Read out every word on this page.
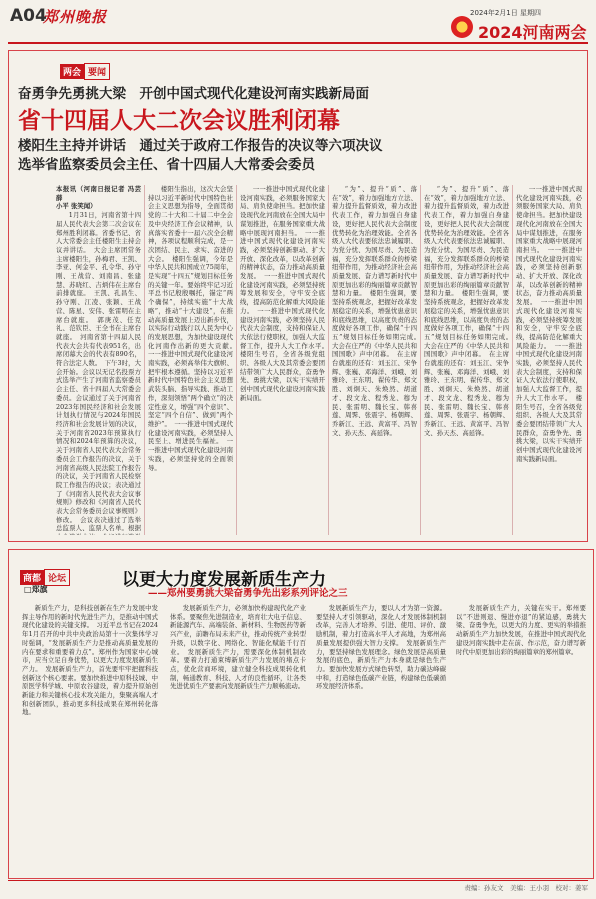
A04
郑州晚报	2024年2月1日 星期四
2024河南两会
两会 要闻
奋勇争先勇挑大梁　开创中国式现代化建设河南实践新局面
省十四届人大二次会议胜利闭幕
楼阳生主持并讲话　通过关于政府工作报告的决议等六项决议
选举省监察委员会主任、省十四届人大常委会委员
本报讯（河南日报记者 冯芸 薛
小平 张笑闻）

1月31日，河南省第十四届人民代表大会第二次会议在郑州胜利闭幕。省委书记、省人大常委会主任楼阳生主持会议并讲话。　大会主席团常务主席楼阳生，孙梅君、王凯、李亚、何金平、孔令华、孙守刚、王战营、刘南昌、张建慧、苏晓红、吉炳伟在主席台前排就座。　王凯、孔昌生、孙守刚、江凌、张颖、王战营、陈星、安伟、张雷明在主席台就座。　郭庚茂、任克礼、范钦臣、王全书在主席台就座。　河南省第十四届人民代表大会共有代表951名，出席闭幕大会的代表有890名，符合法定人数。　下午3时，大会开始。会议以无记名投票方式选举产生了河南省监察委员会主任、省十四届人大常委会委员。会议通过了关于河南省2023年国民经济和社会发展计划执行情况与2024年国民经济和社会发展计划的决议，关于河南省2023年预算执行情况和2024年预算的决议，关于河南省人民代表大会常务委员会工作报告的决议，关于河南省高级人民法院工作报告的决议，关于河南省人民检察院工作报告的决议；表决通过了《河南省人民代表大会议事规则》修改和《河南省人民代表大会常务委员会议事规则》修改。　会议表决通过了选举总监票人、监票人名单。根据

楼阳生指出，这次大会坚持以习近平新时代中国特色社会主义思想为指导，全面贯彻党的二十大和二十届二中全会及中央经济工作会议精神，认真落实省委十一届六次全会精神，各项议程顺利完成，是一次团结、民主、求实、奋进的大会。　楼阳生强调，今年是中华人民共和国成立75周年，是实现“十四五”规划目标任务的关键一年。要始终牢记习近平总书记殷殷嘱托，锚定“两个确保”，持续实施“十大战略”，推动“十大建设”，在推动高质量发展上迈出新步伐，以实际行动践行以人民为中心的发展思想，为加快建设现代化河南作出新的更大贡献。　一一推进中国式现代化建设河南实践，必须高举伟大旗帜、把牢根本遵循。坚持以习近平新时代中国特色社会主义思想武装头脑、指导实践、推动工作，深刻领悟“两个确立”的决定性意义，增强“四个意识”、坚定“四个自信”、做到“两个维护”。　一一推进中国式现代化建设河南实践，必须坚持人民至上、增进民生福祉。　一一推进中国式现代化建设河南实践，必须坚持党的全面领导。

一一推进中国式现代化建设河南实践，必须服务国家大局、肩负使命担当。把加快建设现代化河南放在全国大局中谋划推进，在服务国家重大战略中展现河南担当。　一一推进中国式现代化建设河南实践，必须坚持创新驱动、扩大开放、深化改革，以改革创新的精神状态，奋力推动高质量发展。　一一推进中国式现代化建设河南实践，必须坚持统筹发展和安全，守牢安全底线，提高防范化解重大风险能力。　一一推进中国式现代化建设河南实践，必须坚持人民代表大会制度，支持和保证人大依法行使职权，加强人大监督工作，提升人大工作水平。　楼阳生号召，全省各级党组织、各级人大及其常委会要团结带领广大人民群众，奋勇争先、勇挑大梁，以实干实绩开创中国式现代化建设河南实践新局面。

“为”、提升“质”、落在“效”，着力加强地方立法、着力提升监督质效，着力改进代表工作，着力加强自身建设，更好把人民代表大会制度优势转化为治理效能。全省各级人大代表要依法忠诚履职、为党分忧、为国尽责、为民造福，充分发挥联系群众的桥梁纽带作用，为推动经济社会高质量发展、奋力谱写新时代中原更加出彩的绚丽篇章贡献智慧和力量。　楼阳生强调，要坚持系统观念，把握好改革发展稳定的关系，增强忧患意识和底线思维，以高度负责的态度做好各项工作，确保“十四五”规划目标任务如期完成。　大会在庄严的《中华人民共和国国歌》声中闭幕。　在主席台就座的还有：刘玉江、宋争辉、张巍、邓海洋、刘峨、刘雅玲、王东明、翟传华、郑文胜、刘炯天、朱焕然、胡道才、段文龙、程秀龙、穆为民、张雷明、魏长宝、韩喜莲、周霁、张震宇、杨朝辉、乔新江、王远、黄富平、冯智文、孙天杰、高延锋。

“为”、提升“质”、落在“效”，着力加强地方立法、着力提升监督质效，着力改进代表工作，着力加强自身建设，更好把人民代表大会制度优势转化为治理效能。全省各级人大代表要依法忠诚履职、为党分忧、为国尽责、为民造福，充分发挥联系群众的桥梁纽带作用，为推动经济社会高质量发展、奋力谱写新时代中原更加出彩的绚丽篇章贡献智慧和力量。　楼阳生强调，要坚持系统观念，把握好改革发展稳定的关系，增强忧患意识和底线思维，以高度负责的态度做好各项工作，确保“十四五”规划目标任务如期完成。　大会在庄严的《中华人民共和国国歌》声中闭幕。　在主席台就座的还有：刘玉江、宋争辉、张巍、邓海洋、刘峨、刘雅玲、王东明、翟传华、郑文胜、刘炯天、朱焕然、胡道才、段文龙、程秀龙、穆为民、张雷明、魏长宝、韩喜莲、周霁、张震宇、杨朝辉、乔新江、王远、黄富平、冯智文、孙天杰、高延锋。

一一推进中国式现代化建设河南实践，必须服务国家大局、肩负使命担当。把加快建设现代化河南放在全国大局中谋划推进，在服务国家重大战略中展现河南担当。　一一推进中国式现代化建设河南实践，必须坚持创新驱动、扩大开放、深化改革，以改革创新的精神状态，奋力推动高质量发展。　一一推进中国式现代化建设河南实践，必须坚持统筹发展和安全，守牢安全底线，提高防范化解重大风险能力。　一一推进中国式现代化建设河南实践，必须坚持人民代表大会制度，支持和保证人大依法行使职权，加强人大监督工作，提升人大工作水平。　楼阳生号召，全省各级党组织、各级人大及其常委会要团结带领广大人民群众，奋勇争先、勇挑大梁，以实干实绩开创中国式现代化建设河南实践新局面。

商都 论坛
□郑旗	以更大力度发展新质生产力
——郑州要勇挑大梁奋勇争先出彩系列评论之三

新质生产力，是科技创新在生产力发展中发挥主导作用的新时代先进生产力，是推动中国式现代化建设的关键支撑。　习近平总书记在2024年1月召开的中共中央政治局第十一次集体学习时强调，“发展新质生产力是推动高质量发展的内在要求和重要着力点”。郑州作为国家中心城市，应当立足自身优势，以更大力度发展新质生产力。　发展新质生产力，首先要牢牢把握科技创新这个核心要素。要加快推进中原科技城、中原医学科学城、中原农谷建设，着力提升原始创新能力和关键核心技术攻关能力，集聚高端人才和创新团队，推动更多科技成果在郑州转化落地。

发展新质生产力，必须加快构建现代化产业体系。要聚焦先进制造业，培育壮大电子信息、新能源汽车、高端装备、新材料、生物医药等新兴产业，前瞻布局未来产业，推动传统产业转型升级，以数字化、网络化、智能化赋能千行百业。　发展新质生产力，需要深化体制机制改革。要着力打通束缚新质生产力发展的堵点卡点，优化营商环境，建立健全科技成果转化机制，畅通教育、科技、人才的良性循环，让各类先进优质生产要素向发展新质生产力顺畅流动。

发展新质生产力，要以人才为第一资源。要坚持人才引领驱动，深化人才发展体制机制改革，完善人才培养、引进、使用、评价、激励机制，着力打造高水平人才高地，为郑州高质量发展提供强大智力支撑。　发展新质生产力，要坚持绿色发展理念。绿色发展是高质量发展的底色，新质生产力本身就是绿色生产力。要加快发展方式绿色转型，助力碳达峰碳中和，打造绿色低碳产业链，构建绿色低碳循环发展经济体系。

发展新质生产力，关键在实干。郑州要以“不进则退、慢进亦退”的紧迫感，勇挑大梁、奋勇争先，以更大的力度、更实的举措推动新质生产力加快发展，在推进中国式现代化建设河南实践中走在前、作示范，奋力谱写新时代中原更加出彩的绚丽篇章的郑州篇章。

责编：孙友文　美编：王小羽　校对：姜军
